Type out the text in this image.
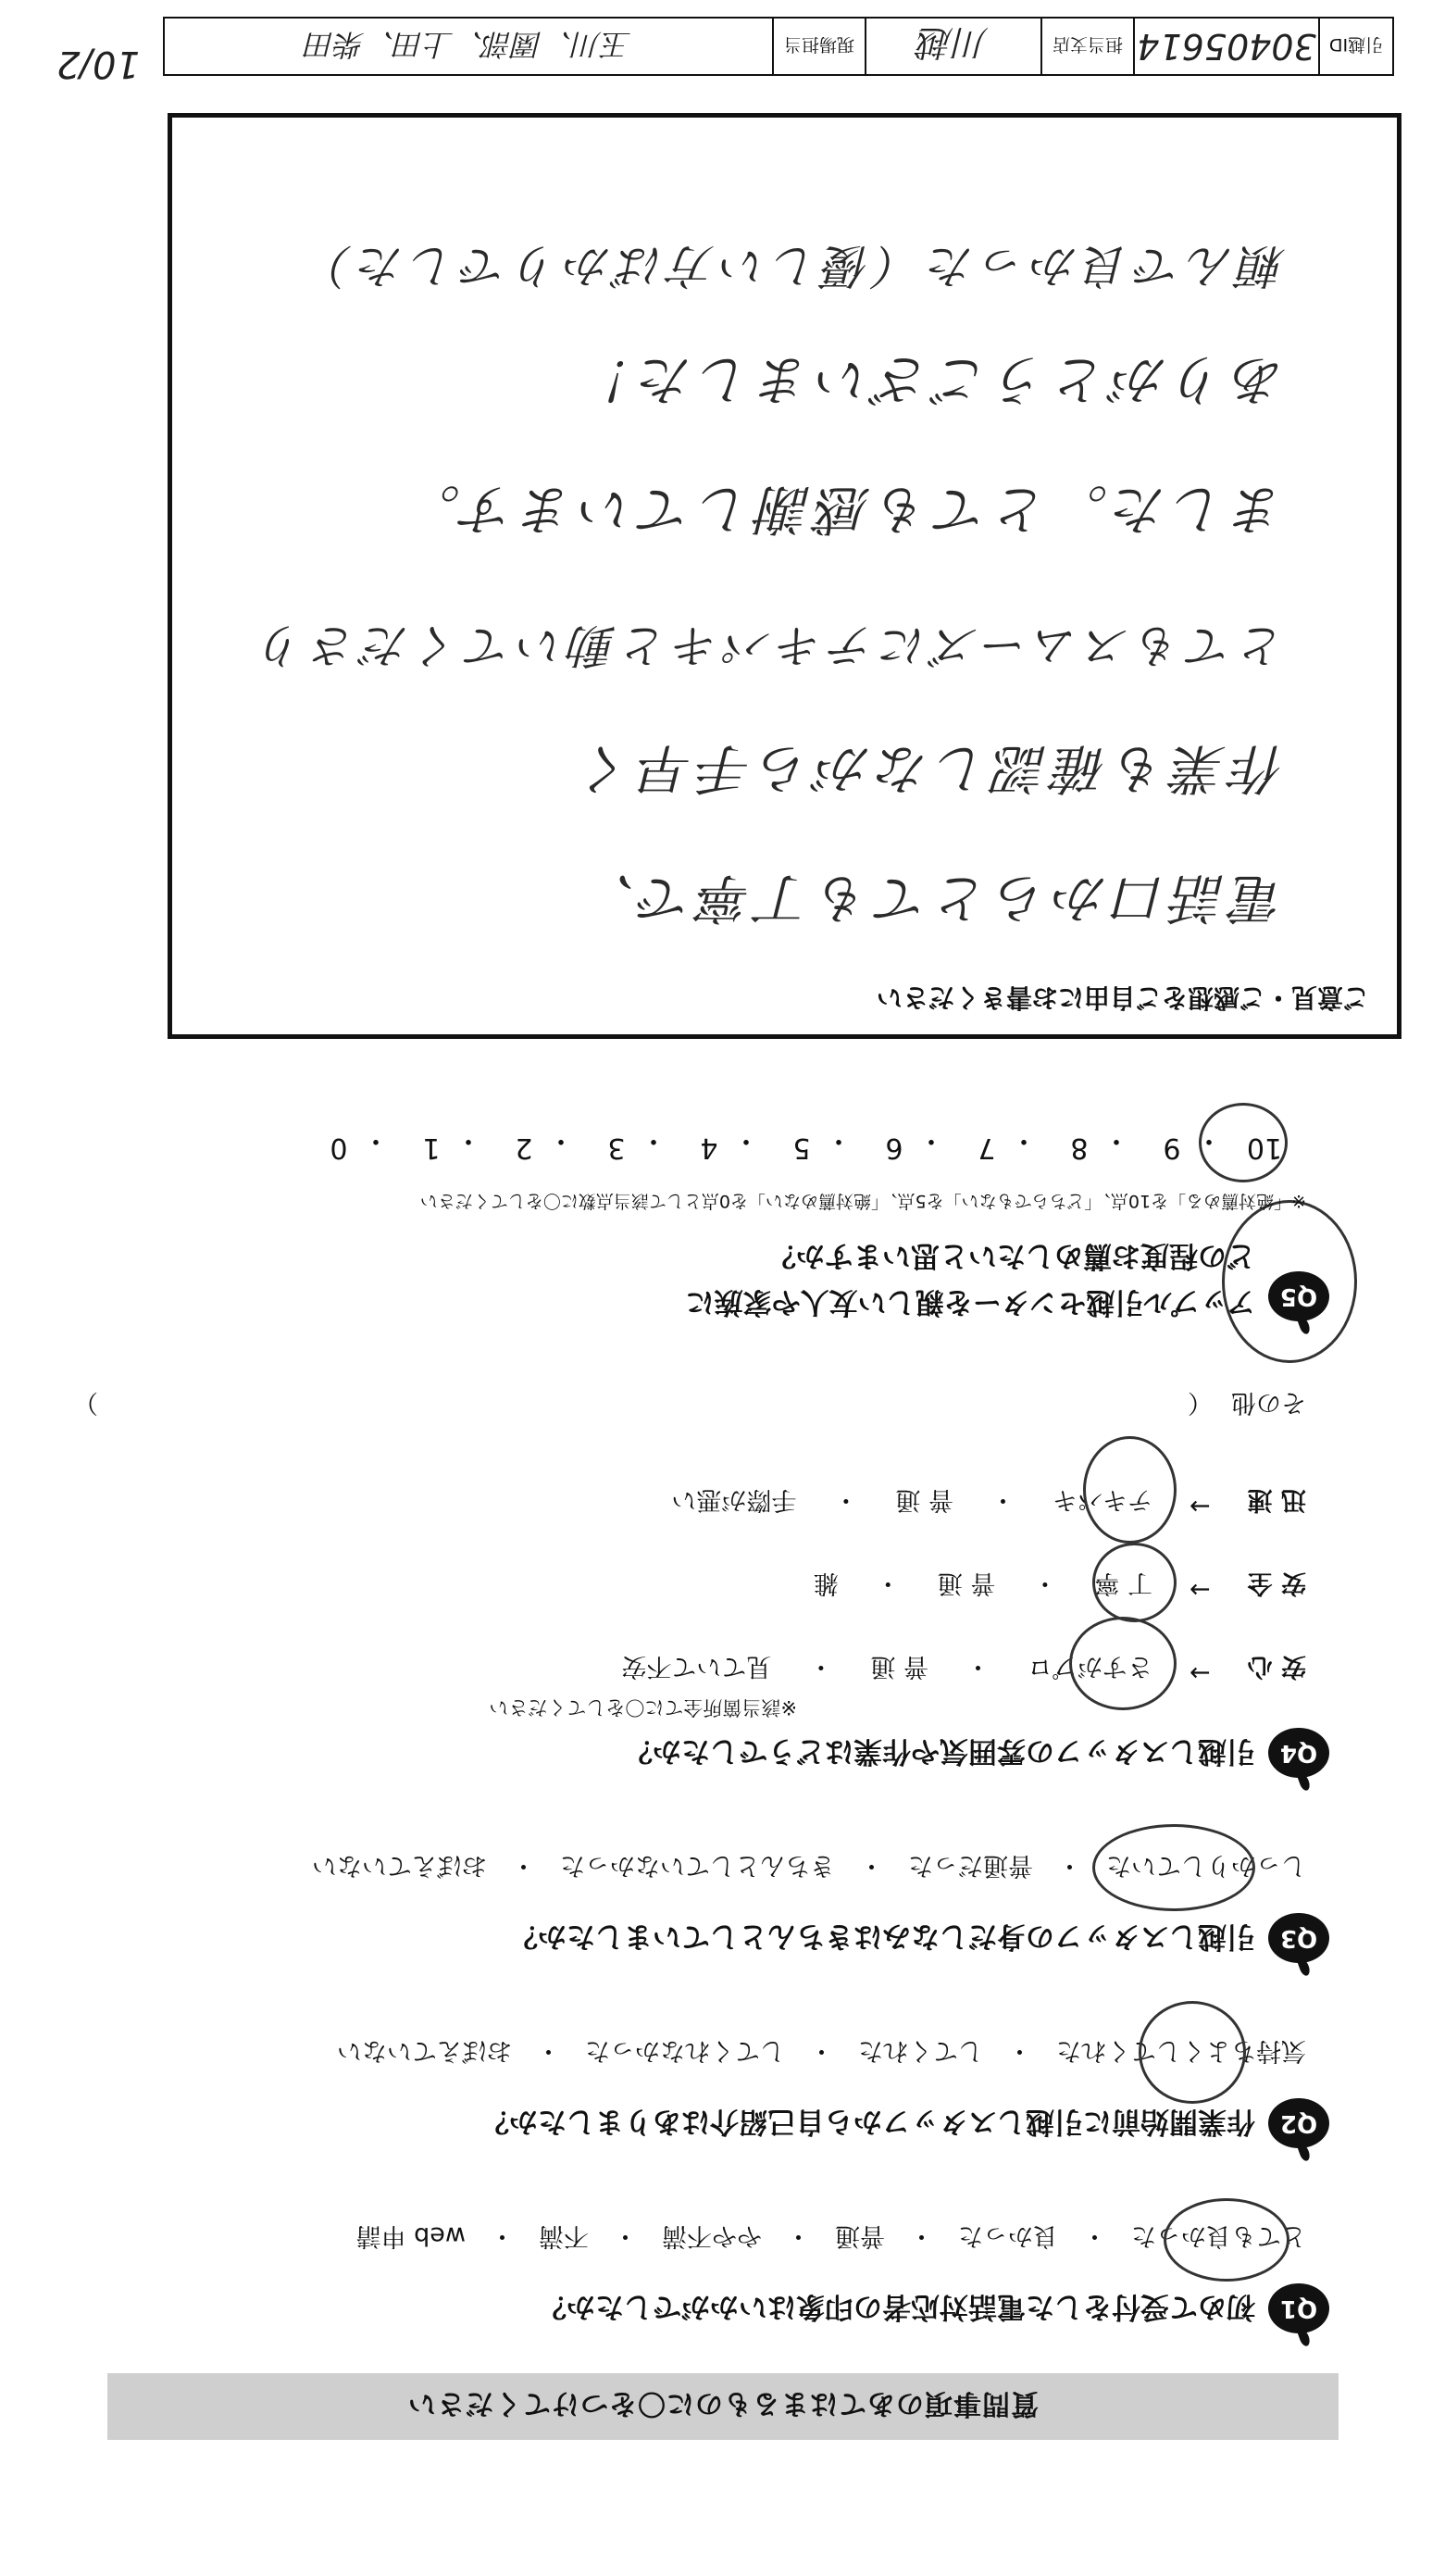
質問事項のあてはまるものに〇をつけてください
Q1
初めて受付をした電話対応者の印象はいかがでしたか？
とても良かった
・
良かった
・
普通
・
やや不満
・
不満
・
web 申請
Q2
作業開始前に引越しスタッフから自己紹介はありましたか？
気持ちよくしてくれた
・
してくれた
・
してくれなかった
・
おぼえていない
Q3
引越しスタッフの身だしなみはきちんとしていましたか？
しっかりしていた
・
普通だった
・
きちんとしていなかった
・
おぼえていない
Q4
引越しスタッフの雰囲気や作業はどうでしたか？
※該当箇所全てに〇をしてください
安 心
→
さすがプロ
・
普 通
・
見ていて不安
安 全
→
丁 寧
・
普 通
・
雑
迅 速
→
テキパキ
・
普 通
・
手際が悪い
その他
（
）
Q5
アップル引越センターを親しい友人や家族に
どの程度お薦めしたいと思いますか？
※「絶対薦める」を10点、「どちらでもない」を5点、「絶対薦めない」を0点として該当点数に〇をしてください
10
・
9
・
8
・
7
・
6
・
5
・
4
・
3
・
2
・
1
・
0
ご意見・ご感想をご自由にお書きください
電話口からとても丁寧で、
作業も確認しながら手早く
とてもスムーズにテキパキと動いてくださり
ました。とても感謝しています。
ありがとうございました！
頼んで良かった（優しい方ばかりでした）
引越ID
30405614
担当支店
川越
現場担当
玉川、園部、上田、柴田
10/2
